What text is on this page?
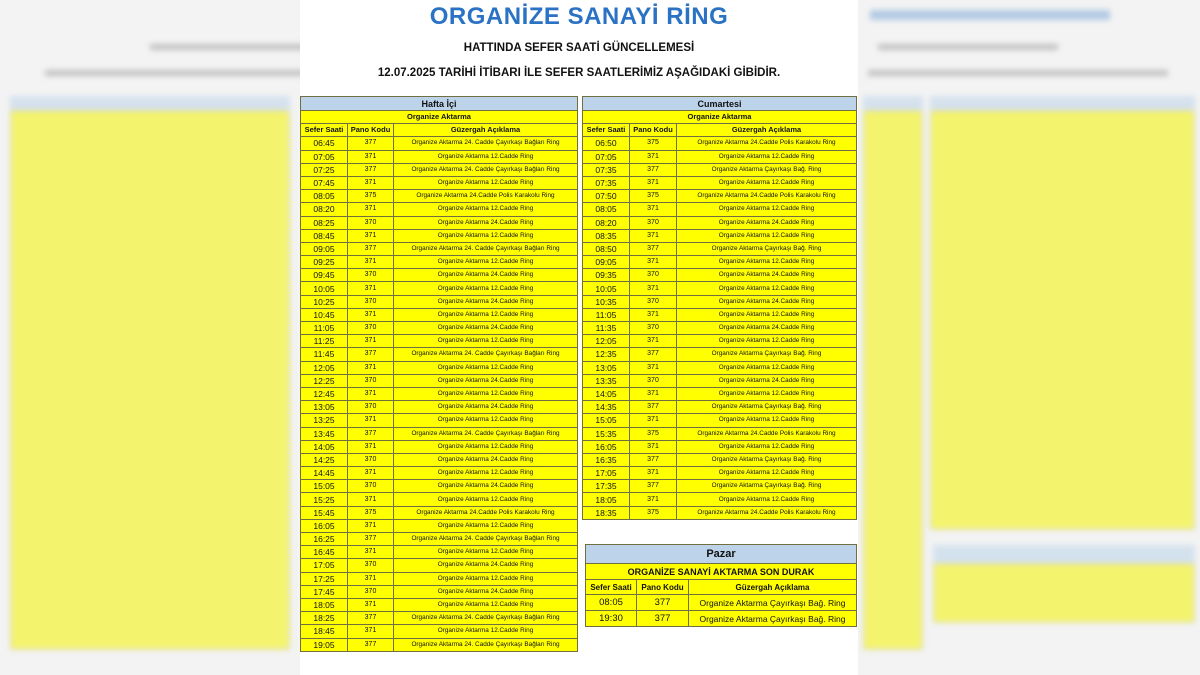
ORGANİZE SANAYİ RİNG
HATTINDA SEFER SAATİ GÜNCELLEMESİ
12.07.2025 TARİHİ İTİBARI İLE SEFER SAATLERİMİZ AŞAĞIDAKİ GİBİDİR.
Hafta İçi		
Organize Aktarma		
Sefer Saati	Pano Kodu	Güzergah Açıklama
06:45	377	Organize Aktarma 24. Cadde Çayırkaşı Bağları Ring
07:05	371	Organize Aktarma 12.Cadde Ring
07:25	377	Organize Aktarma 24. Cadde Çayırkaşı Bağları Ring
07:45	371	Organize Aktarma 12.Cadde Ring
08:05	375	Organize Aktarma 24.Cadde Polis Karakolu Ring
08:20	371	Organize Aktarma 12.Cadde Ring
08:25	370	Organize Aktarma 24.Cadde Ring
08:45	371	Organize Aktarma 12.Cadde Ring
09:05	377	Organize Aktarma 24. Cadde Çayırkaşı Bağları Ring
09:25	371	Organize Aktarma 12.Cadde Ring
09:45	370	Organize Aktarma 24.Cadde Ring
10:05	371	Organize Aktarma 12.Cadde Ring
10:25	370	Organize Aktarma 24.Cadde Ring
10:45	371	Organize Aktarma 12.Cadde Ring
11:05	370	Organize Aktarma 24.Cadde Ring
11:25	371	Organize Aktarma 12.Cadde Ring
11:45	377	Organize Aktarma 24. Cadde Çayırkaşı Bağları Ring
12:05	371	Organize Aktarma 12.Cadde Ring
12:25	370	Organize Aktarma 24.Cadde Ring
12:45	371	Organize Aktarma 12.Cadde Ring
13:05	370	Organize Aktarma 24.Cadde Ring
13:25	371	Organize Aktarma 12.Cadde Ring
13:45	377	Organize Aktarma 24. Cadde Çayırkaşı Bağları Ring
14:05	371	Organize Aktarma 12.Cadde Ring
14:25	370	Organize Aktarma 24.Cadde Ring
14:45	371	Organize Aktarma 12.Cadde Ring
15:05	370	Organize Aktarma 24.Cadde Ring
15:25	371	Organize Aktarma 12.Cadde Ring
15:45	375	Organize Aktarma 24.Cadde Polis Karakolu Ring
16:05	371	Organize Aktarma 12.Cadde Ring
16:25	377	Organize Aktarma 24. Cadde Çayırkaşı Bağları Ring
16:45	371	Organize Aktarma 12.Cadde Ring
17:05	370	Organize Aktarma 24.Cadde Ring
17:25	371	Organize Aktarma 12.Cadde Ring
17:45	370	Organize Aktarma 24.Cadde Ring
18:05	371	Organize Aktarma 12.Cadde Ring
18:25	377	Organize Aktarma 24. Cadde Çayırkaşı Bağları Ring
18:45	371	Organize Aktarma 12.Cadde Ring
19:05	377	Organize Aktarma 24. Cadde Çayırkaşı Bağları Ring
Cumartesi		
Organize Aktarma		
Sefer Saati	Pano Kodu	Güzergah Açıklama
06:50	375	Organize Aktarma 24.Cadde Polis Karakolu Ring
07:05	371	Organize Aktarma 12.Cadde Ring
07:35	377	Organize Aktarma Çayırkaşı Bağ. Ring
07:35	371	Organize Aktarma 12.Cadde Ring
07:50	375	Organize Aktarma 24.Cadde Polis Karakolu Ring
08:05	371	Organize Aktarma 12.Cadde Ring
08:20	370	Organize Aktarma 24.Cadde Ring
08:35	371	Organize Aktarma 12.Cadde Ring
08:50	377	Organize Aktarma Çayırkaşı Bağ. Ring
09:05	371	Organize Aktarma 12.Cadde Ring
09:35	370	Organize Aktarma 24.Cadde Ring
10:05	371	Organize Aktarma 12.Cadde Ring
10:35	370	Organize Aktarma 24.Cadde Ring
11:05	371	Organize Aktarma 12.Cadde Ring
11:35	370	Organize Aktarma 24.Cadde Ring
12:05	371	Organize Aktarma 12.Cadde Ring
12:35	377	Organize Aktarma Çayırkaşı Bağ. Ring
13:05	371	Organize Aktarma 12.Cadde Ring
13:35	370	Organize Aktarma 24.Cadde Ring
14:05	371	Organize Aktarma 12.Cadde Ring
14:35	377	Organize Aktarma Çayırkaşı Bağ. Ring
15:05	371	Organize Aktarma 12.Cadde Ring
15:35	375	Organize Aktarma 24.Cadde Polis Karakolu Ring
16:05	371	Organize Aktarma 12.Cadde Ring
16:35	377	Organize Aktarma Çayırkaşı Bağ. Ring
17:05	371	Organize Aktarma 12.Cadde Ring
17:35	377	Organize Aktarma Çayırkaşı Bağ. Ring
18:05	371	Organize Aktarma 12.Cadde Ring
18:35	375	Organize Aktarma 24.Cadde Polis Karakolu Ring
Pazar		
ORGANİZE SANAYİ AKTARMA SON DURAK		
Sefer Saati	Pano Kodu	Güzergah Açıklama
08:05	377	Organize Aktarma Çayırkaşı Bağ. Ring
19:30	377	Organize Aktarma Çayırkaşı Bağ. Ring
